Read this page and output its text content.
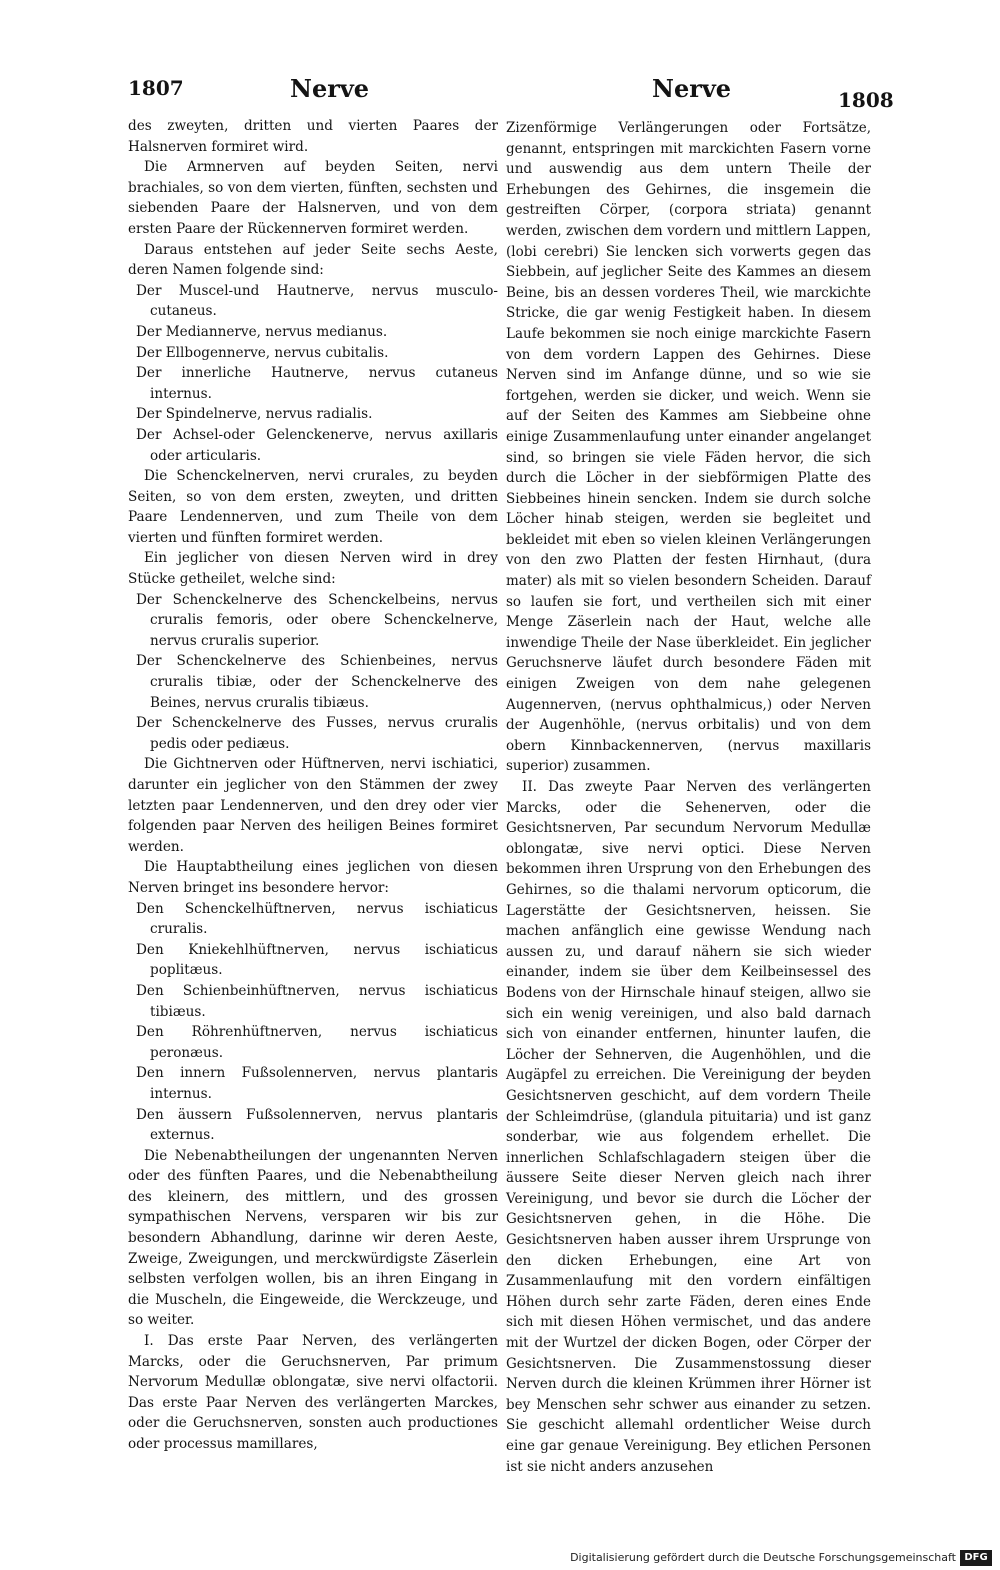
1807	Nerve	Nerve	1808

des zweyten, dritten und vierten Paares der Halsnerven formiret wird.

Die Armnerven auf beyden Seiten, nervi brachiales, so von dem vierten, fünften, sechsten und siebenden Paare der Halsnerven, und von dem ersten Paare der Rückennerven formiret werden.

Daraus entstehen auf jeder Seite sechs Aeste, deren Namen folgende sind:

Der Muscel-und Hautnerve, nervus musculo-cutaneus.

Der Mediannerve, nervus medianus.

Der Ellbogennerve, nervus cubitalis.

Der innerliche Hautnerve, nervus cutaneus internus.

Der Spindelnerve, nervus radialis.

Der Achsel-oder Gelenckenerve, nervus axillaris oder articularis.

Die Schenckelnerven, nervi crurales, zu beyden Seiten, so von dem ersten, zweyten, und dritten Paare Lendennerven, und zum Theile von dem vierten und fünften formiret werden.

Ein jeglicher von diesen Nerven wird in drey Stücke getheilet, welche sind:

Der Schenckelnerve des Schenckelbeins, nervus cruralis femoris, oder obere Schenckelnerve, nervus cruralis superior.

Der Schenckelnerve des Schienbeines, nervus cruralis tibiæ, oder der Schenckelnerve des Beines, nervus cruralis tibiæus.

Der Schenckelnerve des Fusses, nervus cruralis pedis oder pediæus.

Die Gichtnerven oder Hüftnerven, nervi ischiatici, darunter ein jeglicher von den Stämmen der zwey letzten paar Lendennerven, und den drey oder vier folgenden paar Nerven des heiligen Beines formiret werden.

Die Hauptabtheilung eines jeglichen von diesen Nerven bringet ins besondere hervor:

Den Schenckelhüftnerven, nervus ischiaticus cruralis.

Den Kniekehlhüftnerven, nervus ischiaticus poplitæus.

Den Schienbeinhüftnerven, nervus ischiaticus tibiæus.

Den Röhrenhüftnerven, nervus ischiaticus peronæus.

Den innern Fußsolennerven, nervus plantaris internus.

Den äussern Fußsolennerven, nervus plantaris externus.

Die Nebenabtheilungen der ungenannten Nerven oder des fünften Paares, und die Nebenabtheilung des kleinern, des mittlern, und des grossen sympathischen Nervens, versparen wir bis zur besondern Abhandlung, darinne wir deren Aeste, Zweige, Zweigungen, und merckwürdigste Zäserlein selbsten verfolgen wollen, bis an ihren Eingang in die Muscheln, die Eingeweide, die Werckzeuge, und so weiter.

I. Das erste Paar Nerven, des verlängerten Marcks, oder die Geruchsnerven, Par primum Nervorum Medullæ oblongatæ, sive nervi olfactorii. Das erste Paar Nerven des verlängerten Marckes, oder die Geruchsnerven, sonsten auch productiones oder processus mamillares,

Zizenförmige Verlängerungen oder Fortsätze, genannt, entspringen mit marckichten Fasern vorne und auswendig aus dem untern Theile der Erhebungen des Gehirnes, die insgemein die gestreiften Cörper, (corpora striata) genannt werden, zwischen dem vordern und mittlern Lappen, (lobi cerebri) Sie lencken sich vorwerts gegen das Siebbein, auf jeglicher Seite des Kammes an diesem Beine, bis an dessen vorderes Theil, wie marckichte Stricke, die gar wenig Festigkeit haben. In diesem Laufe bekommen sie noch einige marckichte Fasern von dem vordern Lappen des Gehirnes. Diese Nerven sind im Anfange dünne, und so wie sie fortgehen, werden sie dicker, und weich. Wenn sie auf der Seiten des Kammes am Siebbeine ohne einige Zusammenlaufung unter einander angelanget sind, so bringen sie viele Fäden hervor, die sich durch die Löcher in der siebförmigen Platte des Siebbeines hinein sencken. Indem sie durch solche Löcher hinab steigen, werden sie begleitet und bekleidet mit eben so vielen kleinen Verlängerungen von den zwo Platten der festen Hirnhaut, (dura mater) als mit so vielen besondern Scheiden. Darauf so laufen sie fort, und vertheilen sich mit einer Menge Zäserlein nach der Haut, welche alle inwendige Theile der Nase überkleidet. Ein jeglicher Geruchsnerve läufet durch besondere Fäden mit einigen Zweigen von dem nahe gelegenen Augennerven, (nervus ophthalmicus,) oder Nerven der Augenhöhle, (nervus orbitalis) und von dem obern Kinnbackennerven, (nervus maxillaris superior) zusammen.

II. Das zweyte Paar Nerven des verlängerten Marcks, oder die Sehenerven, oder die Gesichtsnerven, Par secundum Nervorum Medullæ oblongatæ, sive nervi optici. Diese Nerven bekommen ihren Ursprung von den Erhebungen des Gehirnes, so die thalami nervorum opticorum, die Lagerstätte der Gesichtsnerven, heissen. Sie machen anfänglich eine gewisse Wendung nach aussen zu, und darauf nähern sie sich wieder einander, indem sie über dem Keilbeinsessel des Bodens von der Hirnschale hinauf steigen, allwo sie sich ein wenig vereinigen, und also bald darnach sich von einander entfernen, hinunter laufen, die Löcher der Sehnerven, die Augenhöhlen, und die Augäpfel zu erreichen. Die Vereinigung der beyden Gesichtsnerven geschicht, auf dem vordern Theile der Schleimdrüse, (glandula pituitaria) und ist ganz sonderbar, wie aus folgendem erhellet. Die innerlichen Schlafschlagadern steigen über die äussere Seite dieser Nerven gleich nach ihrer Vereinigung, und bevor sie durch die Löcher der Gesichtsnerven gehen, in die Höhe. Die Gesichtsnerven haben ausser ihrem Ursprunge von den dicken Erhebungen, eine Art von Zusammenlaufung mit den vordern einfältigen Höhen durch sehr zarte Fäden, deren eines Ende sich mit diesen Höhen vermischet, und das andere mit der Wurtzel der dicken Bogen, oder Cörper der Gesichtsnerven. Die Zusammenstossung dieser Nerven durch die kleinen Krümmen ihrer Hörner ist bey Menschen sehr schwer aus einander zu setzen. Sie geschicht allemahl ordentlicher Weise durch eine gar genaue Vereinigung. Bey etlichen Personen ist sie nicht anders anzusehen

Digitalisierung gefördert durch die Deutsche Forschungsgemeinschaft DFG
